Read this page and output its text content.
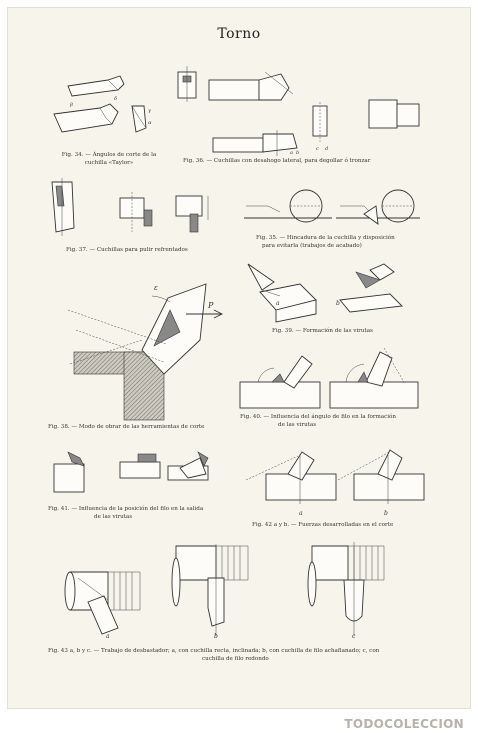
Torno
β
δ
γ
α
Fig. 34. — Ángulos de corte de la
cuchilla «Taylor»
a b
c d
Fig. 36. — Cuchillas con desahogo lateral, para degollar ó tronzar
Fig. 37. — Cuchillas para pulir refrentados
Fig. 35. — Hincadura de la cuchilla y disposición
para evitarla (trabajos de acabado)
P
ε
Fig. 38. — Modo de obrar de las herramientas de corte
a	b
Fig. 39. — Formación de las virutas
Fig. 40. — Influencia del ángulo de filo en la formación
de las virutas
Fig. 41. — Influencia de la posición del filo en la salida
de las virutas	a	b
Fig. 42 a y b. — Fuerzas desarrolladas en el corte
a	b	c
Fig. 43 a, b y c. — Trabajo de desbastador; a, con cuchilla recta, inclinada; b, con cuchilla de filo achaflanado; c, con
cuchilla de filo redondo
TODOCOLECCION
